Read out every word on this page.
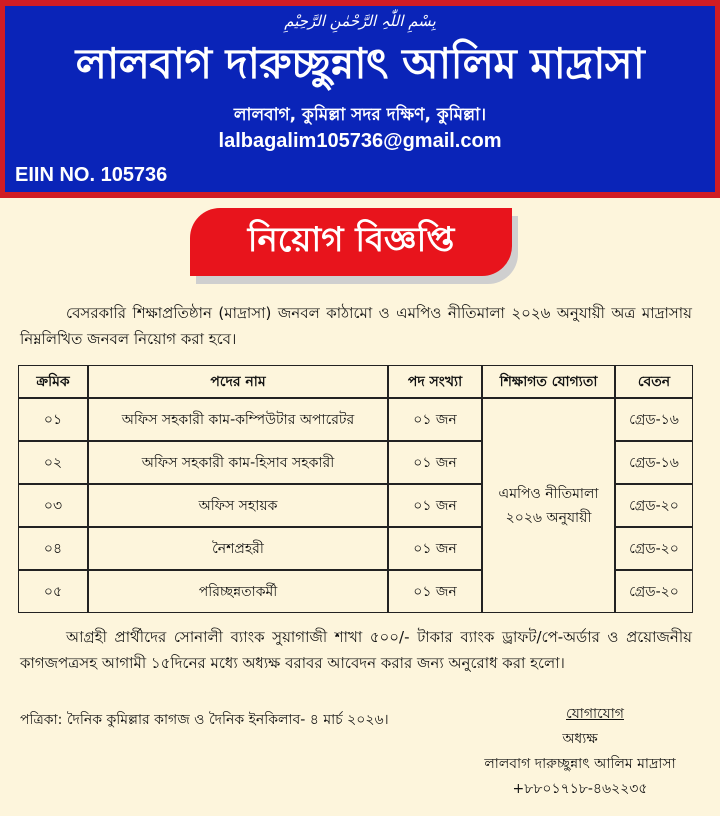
بِسْمِ اللّٰہِ الرَّحْمٰنِ الرَّحِیْمِ
লালবাগ দারুচ্ছুন্নাৎ আলিম মাদ্রাসা
লালবাগ, কুমিল্লা সদর দক্ষিণ, কুমিল্লা।
lalbagalim105736@gmail.com
EIIN NO. 105736
নিয়োগ বিজ্ঞপ্তি

বেসরকারি শিক্ষাপ্রতিষ্ঠান (মাদ্রাসা) জনবল কাঠামো ও এমপিও নীতিমালা ২০২৬ অনুযায়ী অত্র মাদ্রাসায় নিম্নলিখিত জনবল নিয়োগ করা হবে।

ক্রমিক	পদের নাম	পদ সংখ্যা	শিক্ষাগত যোগ্যতা	বেতন
০১	অফিস সহকারী কাম-কম্পিউটার অপারেটর	০১ জন	এমপিও নীতিমালা ২০২৬ অনুযায়ী	গ্রেড-১৬
০২	অফিস সহকারী কাম-হিসাব সহকারী	০১ জন		গ্রেড-১৬
০৩	অফিস সহায়ক	০১ জন		গ্রেড-২০
০৪	নৈশপ্রহরী	০১ জন		গ্রেড-২০
০৫	পরিচ্ছন্নতাকর্মী	০১ জন		গ্রেড-২০

আগ্রহী প্রার্থীদের সোনালী ব্যাংক সুয়াগাজী শাখা ৫০০/- টাকার ব্যাংক ড্রাফট/পে-অর্ডার ও প্রয়োজনীয় কাগজপত্রসহ আগামী ১৫দিনের মধ্যে অধ্যক্ষ বরাবর আবেদন করার জন্য অনুরোধ করা হলো।

পত্রিকা: দৈনিক কুমিল্লার কাগজ ও দৈনিক ইনকিলাব- ৪ মার্চ ২০২৬।	যোগাযোগ
অধ্যক্ষ
লালবাগ দারুচ্ছুন্নাৎ আলিম মাদ্রাসা
+৮৮০১৭১৮-৪৬২২৩৫
